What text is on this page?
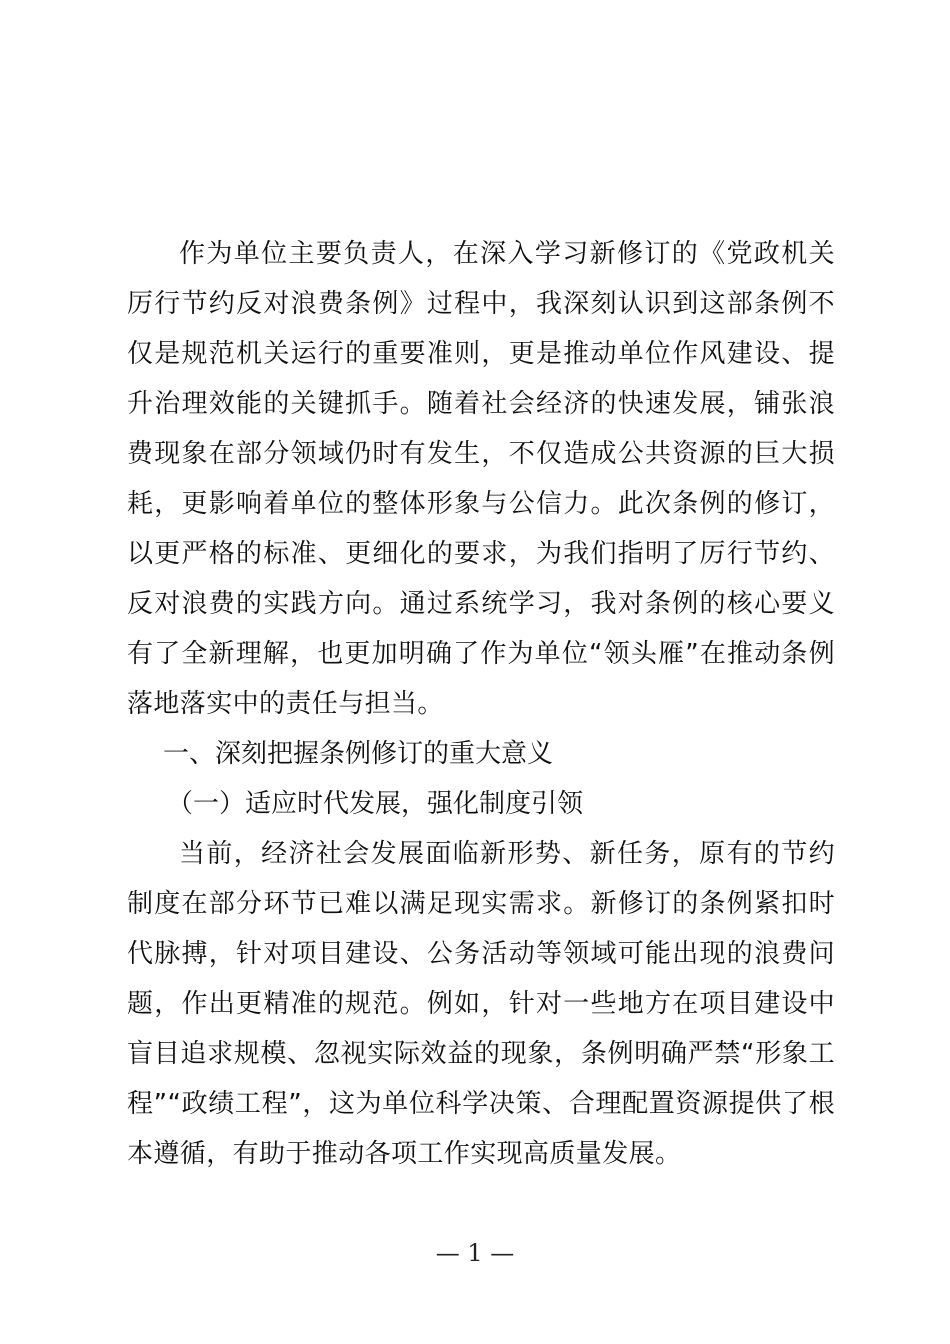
作为单位主要负责人，在深入学习新修订的《党政机关厉行节约反对浪费条例》过程中，我深刻认识到这部条例不仅是规范机关运行的重要准则，更是推动单位作风建设、提升治理效能的关键抓手。随着社会经济的快速发展，铺张浪费现象在部分领域仍时有发生，不仅造成公共资源的巨大损耗，更影响着单位的整体形象与公信力。此次条例的修订，以更严格的标准、更细化的要求，为我们指明了厉行节约、反对浪费的实践方向。通过系统学习，我对条例的核心要义有了全新理解，也更加明确了作为单位“领头雁”在推动条例落地落实中的责任与担当。

一、深刻把握条例修订的重大意义

（一）适应时代发展，强化制度引领

当前，经济社会发展面临新形势、新任务，原有的节约制度在部分环节已难以满足现实需求。新修订的条例紧扣时代脉搏，针对项目建设、公务活动等领域可能出现的浪费问题，作出更精准的规范。例如，针对一些地方在项目建设中盲目追求规模、忽视实际效益的现象，条例明确严禁“形象工程”“政绩工程”，这为单位科学决策、合理配置资源提供了根本遵循，有助于推动各项工作实现高质量发展。

— 1 —
